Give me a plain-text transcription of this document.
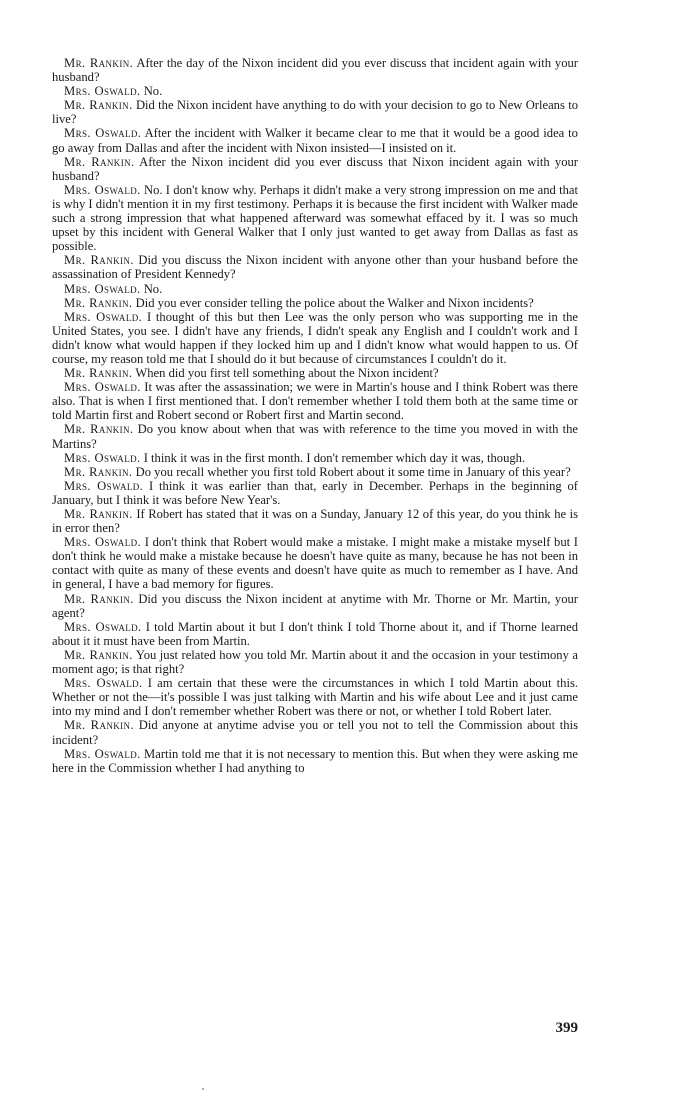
Mr. Rankin. After the day of the Nixon incident did you ever discuss that incident again with your husband?

Mrs. Oswald. No.

Mr. Rankin. Did the Nixon incident have anything to do with your decision to go to New Orleans to live?

Mrs. Oswald. After the incident with Walker it became clear to me that it would be a good idea to go away from Dallas and after the incident with Nixon insisted—I insisted on it.

Mr. Rankin. After the Nixon incident did you ever discuss that Nixon incident again with your husband?

Mrs. Oswald. No. I don't know why. Perhaps it didn't make a very strong impression on me and that is why I didn't mention it in my first testimony. Perhaps it is because the first incident with Walker made such a strong impression that what happened afterward was somewhat effaced by it. I was so much upset by this incident with General Walker that I only just wanted to get away from Dallas as fast as possible.

Mr. Rankin. Did you discuss the Nixon incident with anyone other than your husband before the assassination of President Kennedy?

Mrs. Oswald. No.

Mr. Rankin. Did you ever consider telling the police about the Walker and Nixon incidents?

Mrs. Oswald. I thought of this but then Lee was the only person who was supporting me in the United States, you see. I didn't have any friends, I didn't speak any English and I couldn't work and I didn't know what would happen if they locked him up and I didn't know what would happen to us. Of course, my reason told me that I should do it but because of circumstances I couldn't do it.

Mr. Rankin. When did you first tell something about the Nixon incident?

Mrs. Oswald. It was after the assassination; we were in Martin's house and I think Robert was there also. That is when I first mentioned that. I don't remember whether I told them both at the same time or told Martin first and Robert second or Robert first and Martin second.

Mr. Rankin. Do you know about when that was with reference to the time you moved in with the Martins?

Mrs. Oswald. I think it was in the first month. I don't remember which day it was, though.

Mr. Rankin. Do you recall whether you first told Robert about it some time in January of this year?

Mrs. Oswald. I think it was earlier than that, early in December. Perhaps in the beginning of January, but I think it was before New Year's.

Mr. Rankin. If Robert has stated that it was on a Sunday, January 12 of this year, do you think he is in error then?

Mrs. Oswald. I don't think that Robert would make a mistake. I might make a mistake myself but I don't think he would make a mistake because he doesn't have quite as many, because he has not been in contact with quite as many of these events and doesn't have quite as much to remember as I have. And in general, I have a bad memory for figures.

Mr. Rankin. Did you discuss the Nixon incident at anytime with Mr. Thorne or Mr. Martin, your agent?

Mrs. Oswald. I told Martin about it but I don't think I told Thorne about it, and if Thorne learned about it it must have been from Martin.

Mr. Rankin. You just related how you told Mr. Martin about it and the occasion in your testimony a moment ago; is that right?

Mrs. Oswald. I am certain that these were the circumstances in which I told Martin about this. Whether or not the—it's possible I was just talking with Martin and his wife about Lee and it just came into my mind and I don't remember whether Robert was there or not, or whether I told Robert later.

Mr. Rankin. Did anyone at anytime advise you or tell you not to tell the Commission about this incident?

Mrs. Oswald. Martin told me that it is not necessary to mention this. But when they were asking me here in the Commission whether I had anything to

399
